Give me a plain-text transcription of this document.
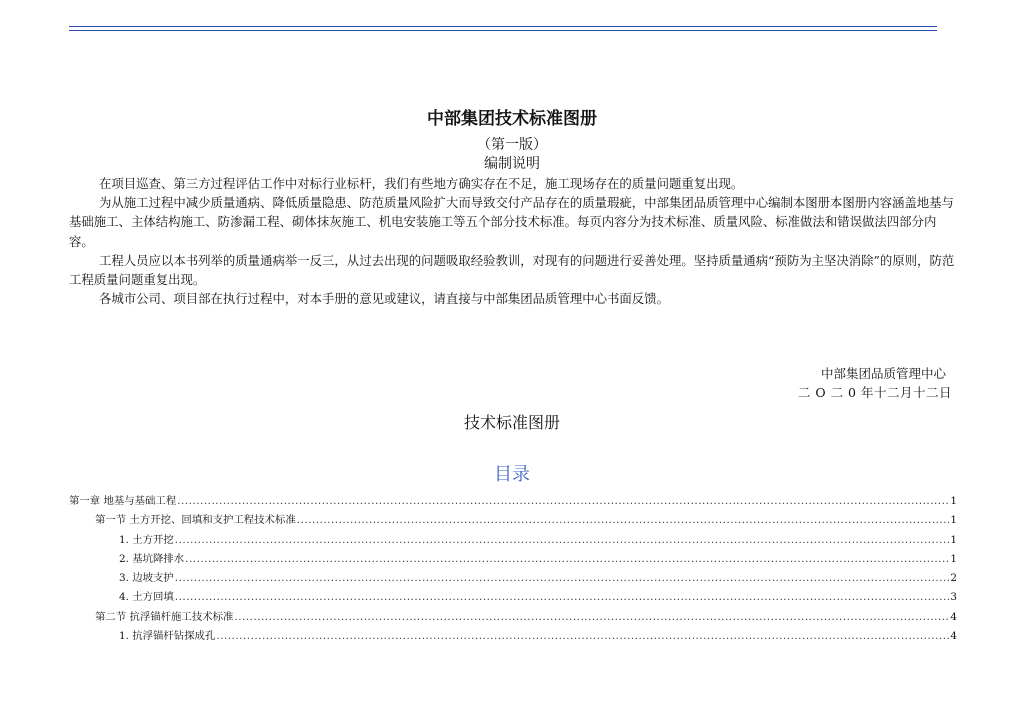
中部集团技术标准图册
（第一版）
编制说明

在项目巡查、第三方过程评估工作中对标行业标杆，我们有些地方确实存在不足，施工现场存在的质量问题重复出现。

为从施工过程中减少质量通病、降低质量隐患、防范质量风险扩大而导致交付产品存在的质量瑕疵，中部集团品质管理中心编制本图册本图册内容涵盖地基与基础施工、主体结构施工、防渗漏工程、砌体抹灰施工、机电安装施工等五个部分技术标准。每页内容分为技术标准、质量风险、标准做法和错误做法四部分内容。

工程人员应以本书列举的质量通病举一反三，从过去出现的问题吸取经验教训，对现有的问题进行妥善处理。坚持质量通病“预防为主坚决消除”的原则，防范工程质量问题重复出现。

各城市公司、项目部在执行过程中，对本手册的意见或建议，请直接与中部集团品质管理中心书面反馈。

中部集团品质管理中心
二 O 二 0 年十二月十二日
技术标准图册
目录
第一章 地基与基础工程 .....	1
第一节 土方开挖、回填和支护工程技术标准 .....	1
1. 土方开挖 .....	1
2. 基坑降排水 .....	1
3. 边坡支护 .....	2
4. 土方回填 .....	3
第二节 抗浮锚杆施工技术标准 .....	4
1. 抗浮锚杆钻探成孔 .....	4
